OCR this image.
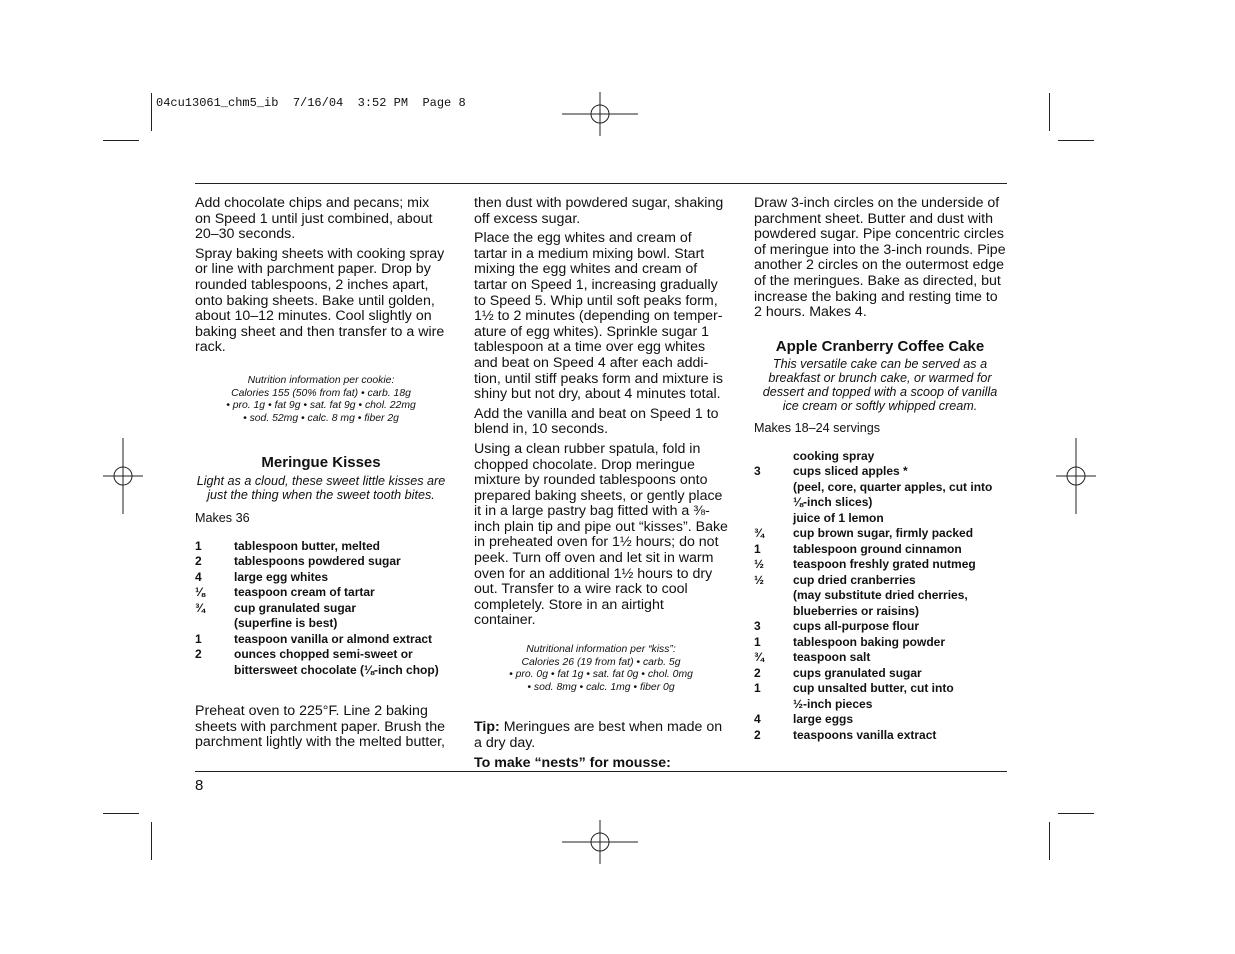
04cu13061_chm5_ib  7/16/04  3:52 PM  Page 8

Add chocolate chips and pecans; mix on Speed 1 until just combined, about 20–30 seconds.

Spray baking sheets with cooking spray or line with parchment paper. Drop by rounded tablespoons, 2 inches apart, onto baking sheets. Bake until golden, about 10–12 minutes. Cool slightly on baking sheet and then transfer to a wire rack.

Nutrition information per cookie:
Calories 155 (50% from fat) • carb. 18g
• pro. 1g • fat 9g • sat. fat 9g • chol. 22mg
• sod. 52mg • calc. 8 mg • fiber 2g
Meringue Kisses
Light as a cloud, these sweet little kisses are just the thing when the sweet tooth bites.
Makes 36
1	tablespoon butter, melted
2	tablespoons powdered sugar
4	large egg whites
⅛	teaspoon cream of tartar
¾	cup granulated sugar
(superfine is best)
1	teaspoon vanilla or almond extract
2	ounces chopped semi-sweet or
bittersweet chocolate (⅛-inch chop)

Preheat oven to 225°F. Line 2 baking sheets with parchment paper. Brush the parchment lightly with the melted butter,

then dust with powdered sugar, shaking off excess sugar.

Place the egg whites and cream of tartar in a medium mixing bowl. Start mixing the egg whites and cream of tartar on Speed 1, increasing gradually to Speed 5. Whip until soft peaks form, 1½ to 2 minutes (depending on temper-ature of egg whites). Sprinkle sugar 1 tablespoon at a time over egg whites and beat on Speed 4 after each addi-tion, until stiff peaks form and mixture is shiny but not dry, about 4 minutes total.

Add the vanilla and beat on Speed 1 to blend in, 10 seconds.

Using a clean rubber spatula, fold in chopped chocolate. Drop meringue mixture by rounded tablespoons onto prepared baking sheets, or gently place it in a large pastry bag fitted with a ⅜-inch plain tip and pipe out “kisses”. Bake in preheated oven for 1½ hours; do not peek. Turn off oven and let sit in warm oven for an additional 1½ hours to dry out. Transfer to a wire rack to cool completely. Store in an airtight container.

Nutritional information per “kiss”:
Calories 26 (19 from fat) • carb. 5g
• pro. 0g • fat 1g • sat. fat 0g • chol. 0mg
• sod. 8mg • calc. 1mg • fiber 0g

Tip: Meringues are best when made on a dry day.

To make “nests” for mousse:

Draw 3-inch circles on the underside of parchment sheet. Butter and dust with powdered sugar. Pipe concentric circles of meringue into the 3-inch rounds. Pipe another 2 circles on the outermost edge of the meringues. Bake as directed, but increase the baking and resting time to 2 hours. Makes 4.

Apple Cranberry Coffee Cake
This versatile cake can be served as a breakfast or brunch cake, or warmed for dessert and topped with a scoop of vanilla ice cream or softly whipped cream.
Makes 18–24 servings
cooking spray
3	cups sliced apples *
(peel, core, quarter apples, cut into
⅛-inch slices)
juice of 1 lemon
¾	cup brown sugar, firmly packed
1	tablespoon ground cinnamon
½	teaspoon freshly grated nutmeg
½	cup dried cranberries
(may substitute dried cherries,
blueberries or raisins)
3	cups all-purpose flour
1	tablespoon baking powder
¾	teaspoon salt
2	cups granulated sugar
1	cup unsalted butter, cut into
½-inch pieces
4	large eggs
2	teaspoons vanilla extract
8
